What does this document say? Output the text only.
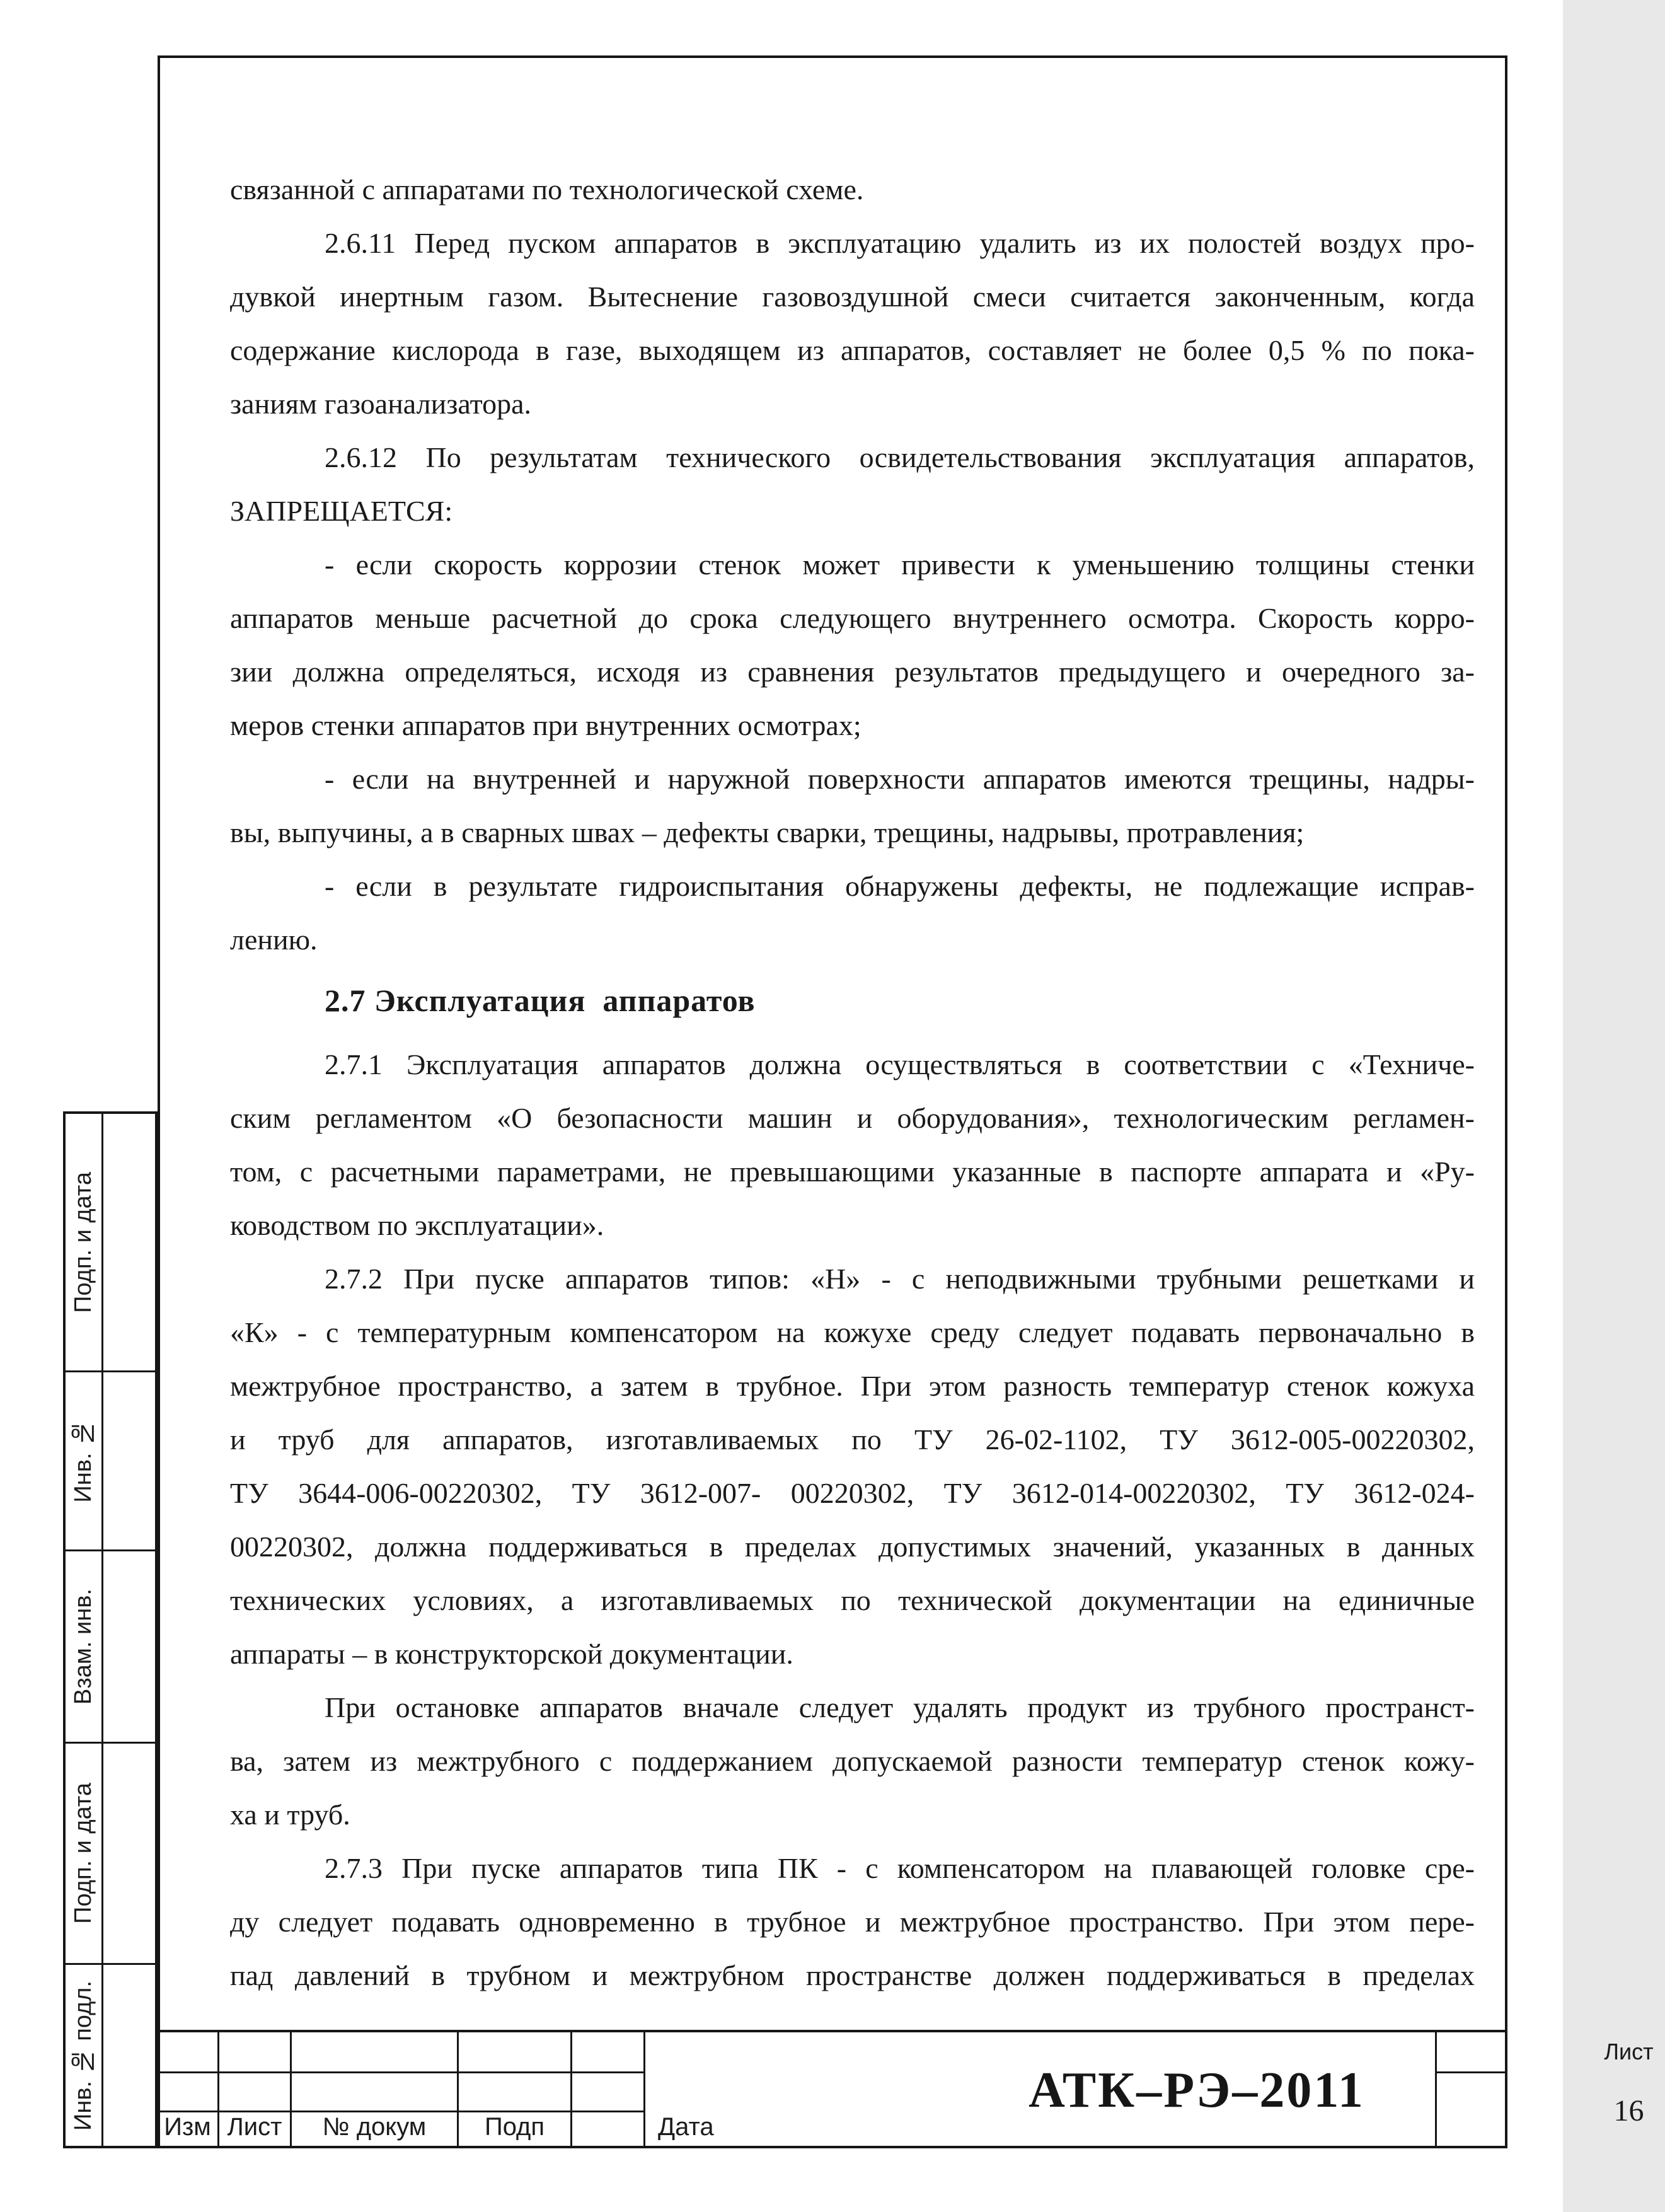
связанной с аппаратами по технологической схеме.
2.6.11 Перед пуском аппаратов в эксплуатацию удалить из их полостей воздух про-
дувкой инертным газом. Вытеснение газовоздушной смеси считается законченным, когда
содержание кислорода в газе, выходящем из аппаратов, составляет не более 0,5 % по пока-
заниям газоанализатора.
2.6.12 По результатам технического освидетельствования эксплуатация аппаратов,
ЗАПРЕЩАЕТСЯ:
- если скорость коррозии стенок может привести к уменьшению толщины стенки
аппаратов меньше расчетной до срока следующего внутреннего осмотра. Скорость корро-
зии должна определяться, исходя из сравнения результатов предыдущего и очередного за-
меров стенки аппаратов при внутренних осмотрах;
- если на внутренней и наружной поверхности аппаратов имеются трещины, надры-
вы, выпучины, а в сварных швах – дефекты сварки, трещины, надрывы, протравления;
- если в результате гидроиспытания обнаружены дефекты, не подлежащие исправ-
лению.
2.7 Эксплуатация  аппаратов
2.7.1 Эксплуатация аппаратов должна осуществляться в соответствии с «Техниче-
ским регламентом «О безопасности машин и оборудования», технологическим регламен-
том, с расчетными параметрами, не превышающими указанные в паспорте аппарата и «Ру-
ководством по эксплуатации».
2.7.2 При пуске аппаратов типов: «Н» - с неподвижными трубными решетками и
«К» - с температурным компенсатором на кожухе среду следует подавать первоначально в
межтрубное пространство, а затем в трубное. При этом разность температур стенок кожуха
и труб для аппаратов, изготавливаемых по ТУ 26-02-1102, ТУ 3612-005-00220302,
ТУ 3644-006-00220302, ТУ 3612-007- 00220302, ТУ 3612-014-00220302, ТУ 3612-024-
00220302, должна поддерживаться в пределах допустимых значений, указанных в данных
технических условиях, а изготавливаемых по технической документации на единичные
аппараты – в конструкторской документации.
При остановке аппаратов вначале следует удалять продукт из трубного пространст-
ва, затем из межтрубного с поддержанием допускаемой разности температур стенок кожу-
ха и труб.
2.7.3 При пуске аппаратов типа ПК - с компенсатором на плавающей головке сре-
ду следует подавать одновременно в трубное и межтрубное пространство. При этом пере-
пад давлений в трубном и межтрубном пространстве должен поддерживаться в пределах
Подп. и дата
Инв. №
Взам. инв.
Подп. и дата
Инв. № подл.	Изм Лист	№ докум	Подп	Дата
АТК–РЭ–2011
Лист
16
